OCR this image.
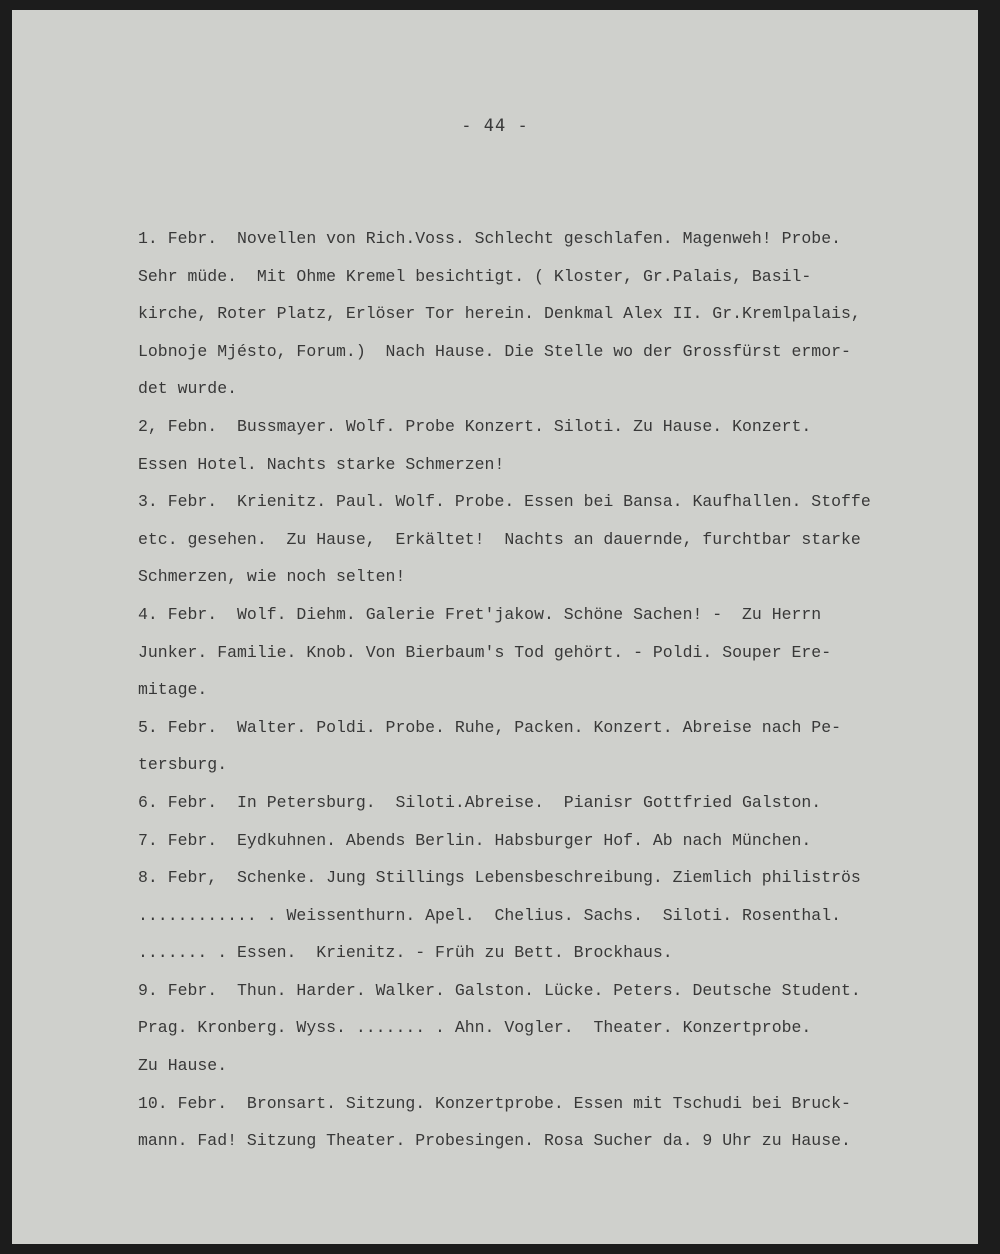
- 44 -
1. Febr.  Novellen von Rich.Voss. Schlecht geschlafen. Magenweh! Probe.
Sehr müde.  Mit Ohme Kremel besichtigt. ( Kloster, Gr.Palais, Basil-
kirche, Roter Platz, Erlöser Tor herein. Denkmal Alex II. Gr.Kremlpalais,
Lobnoje Mjésto, Forum.)  Nach Hause. Die Stelle wo der Grossfürst ermor-
det wurde.
2, Febn.  Bussmayer. Wolf. Probe Konzert. Siloti. Zu Hause. Konzert.
Essen Hotel. Nachts starke Schmerzen!
3. Febr.  Krienitz. Paul. Wolf. Probe. Essen bei Bansa. Kaufhallen. Stoffe
etc. gesehen.  Zu Hause,  Erkältet!  Nachts an dauernde, furchtbar starke
Schmerzen, wie noch selten!
4. Febr.  Wolf. Diehm. Galerie Fret'jakow. Schöne Sachen! -  Zu Herrn
Junker. Familie. Knob. Von Bierbaum's Tod gehört. - Poldi. Souper Ere-
mitage.
5. Febr.  Walter. Poldi. Probe. Ruhe, Packen. Konzert. Abreise nach Pe-
tersburg.
6. Febr.  In Petersburg.  Siloti.Abreise.  Pianisr Gottfried Galston.
7. Febr.  Eydkuhnen. Abends Berlin. Habsburger Hof. Ab nach München.
8. Febr,  Schenke. Jung Stillings Lebensbeschreibung. Ziemlich philiströs
............ . Weissenthurn. Apel.  Chelius. Sachs.  Siloti. Rosenthal.
....... . Essen.  Krienitz. - Früh zu Bett. Brockhaus.
9. Febr.  Thun. Harder. Walker. Galston. Lücke. Peters. Deutsche Student.
Prag. Kronberg. Wyss. ....... . Ahn. Vogler.  Theater. Konzertprobe.
Zu Hause.
10. Febr.  Bronsart. Sitzung. Konzertprobe. Essen mit Tschudi bei Bruck-
mann. Fad! Sitzung Theater. Probesingen. Rosa Sucher da. 9 Uhr zu Hause.
